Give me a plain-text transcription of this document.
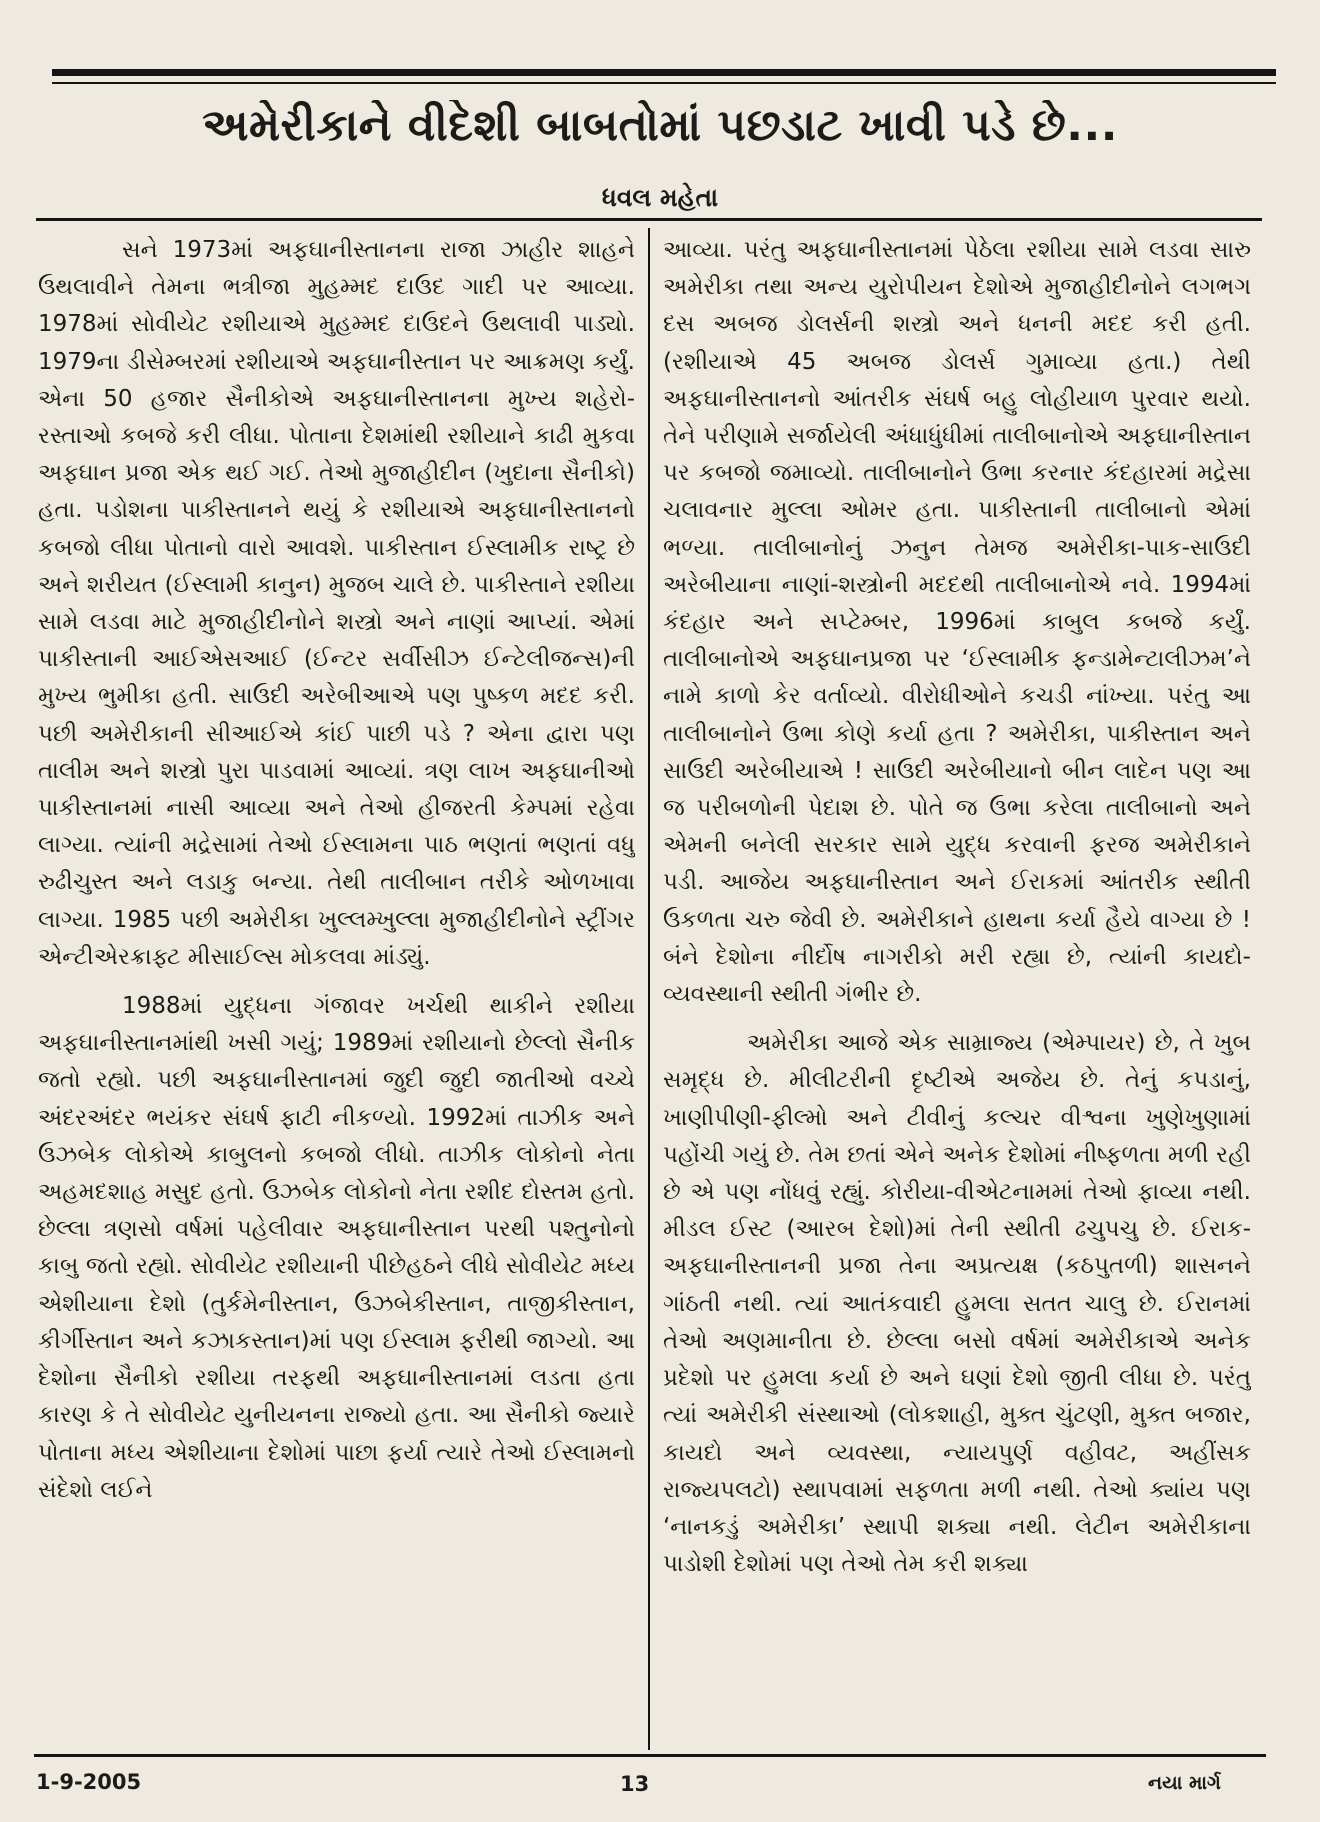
અમેરીકાને વીદેશી બાબતોમાં પછડાટ ખાવી પડે છે...
ધવલ મહેતા

સને 1973માં અફઘાનીસ્તાનના રાજા ઝાહીર શાહને ઉથલાવીને તેમના ભત્રીજા મુહમ્મદ દાઉદ ગાદી પર આવ્યા. 1978માં સોવીયેટ રશીયાએ મુહમ્મદ દાઉદને ઉથલાવી પાડ્યો. 1979ના ડીસેમ્બરમાં રશીયાએ અફઘાનીસ્તાન પર આક્રમણ કર્યું. એના 50 હજાર સૈનીકોએ અફઘાનીસ્તાનના મુખ્ય શહેરો-રસ્તાઓ કબજે કરી લીધા. પોતાના દેશમાંથી રશીયાને કાઢી મુકવા અફઘાન પ્રજા એક થઈ ગઈ. તેઓ મુજાહીદીન (ખુદાના સૈનીકો) હતા. પડોશના પાકીસ્તાનને થયું કે રશીયાએ અફઘાનીસ્તાનનો કબજો લીધા પોતાનો વારો આવશે. પાકીસ્તાન ઈસ્લામીક રાષ્ટ્ર છે અને શરીયત (ઈસ્લામી કાનુન) મુજબ ચાલે છે. પાકીસ્તાને રશીયા સામે લડવા માટે મુજાહીદીનોને શસ્ત્રો અને નાણાં આપ્યાં. એમાં પાકીસ્તાની આઈએસઆઈ (ઈન્ટર સર્વીસીઝ ઈન્ટેલીજન્સ)ની મુખ્ય ભુમીકા હતી. સાઉદી અરેબીઆએ પણ પુષ્કળ મદદ કરી. પછી અમેરીકાની સીઆઈએ કાંઈ પાછી પડે ? એના દ્વારા પણ તાલીમ અને શસ્ત્રો પુરા પાડવામાં આવ્યાં. ત્રણ લાખ અફઘાનીઓ પાકીસ્તાનમાં નાસી આવ્યા અને તેઓ હીજરતી કેમ્પમાં રહેવા લાગ્યા. ત્યાંની મદ્રેસામાં તેઓ ઈસ્લામના પાઠ ભણતાં ભણતાં વધુ રુઢીચુસ્ત અને લડાકુ બન્યા. તેથી તાલીબાન તરીકે ઓળખાવા લાગ્યા. 1985 પછી અમેરીકા ખુલ્લમ્ખુલ્લા મુજાહીદીનોને સ્ટ્રીંગર એન્ટીએરક્રાફ્ટ મીસાઈલ્સ મોકલવા માંડ્યું.

1988માં યુદ્ધના ગંજાવર ખર્ચથી થાકીને રશીયા અફઘાનીસ્તાનમાંથી ખસી ગયું; 1989માં રશીયાનો છેલ્લો સૈનીક જતો રહ્યો. પછી અફઘાનીસ્તાનમાં જુદી જુદી જાતીઓ વચ્ચે અંદરઅંદર ભયંકર સંઘર્ષ ફાટી નીકળ્યો. 1992માં તાઝીક અને ઉઝબેક લોકોએ કાબુલનો કબજો લીધો. તાઝીક લોકોનો નેતા અહમદશાહ મસુદ હતો. ઉઝબેક લોકોનો નેતા રશીદ દોસ્તમ હતો. છેલ્લા ત્રણસો વર્ષમાં પહેલીવાર અફઘાનીસ્તાન પરથી પશ્તુનોનો કાબુ જતો રહ્યો. સોવીયેટ રશીયાની પીછેહઠને લીધે સોવીયેટ મધ્ય એશીયાના દેશો (તુર્કમેનીસ્તાન, ઉઝબેકીસ્તાન, તાજીકીસ્તાન, કીર્ગીસ્તાન અને કઝાકસ્તાન)માં પણ ઈસ્લામ ફરીથી જાગ્યો. આ દેશોના સૈનીકો રશીયા તરફથી અફઘાનીસ્તાનમાં લડતા હતા કારણ કે તે સોવીયેટ યુનીયનના રાજ્યો હતા. આ સૈનીકો જ્યારે પોતાના મધ્ય એશીયાના દેશોમાં પાછા ફર્યા ત્યારે તેઓ ઈસ્લામનો સંદેશો લઈને

આવ્યા. પરંતુ અફઘાનીસ્તાનમાં પેઠેલા રશીયા સામે લડવા સારુ અમેરીકા તથા અન્ય યુરોપીયન દેશોએ મુજાહીદીનોને લગભગ દસ અબજ ડોલર્સની શસ્ત્રો અને ધનની મદદ કરી હતી. (રશીયાએ 45 અબજ ડોલર્સ ગુમાવ્યા હતા.) તેથી અફઘાનીસ્તાનનો આંતરીક સંઘર્ષ બહુ લોહીયાળ પુરવાર થયો. તેને પરીણામે સર્જાયેલી અંધાધુંધીમાં તાલીબાનોએ અફઘાનીસ્તાન પર કબજો જમાવ્યો. તાલીબાનોને ઉભા કરનાર કંદહારમાં મદ્રેસા ચલાવનાર મુલ્લા ઓમર હતા. પાકીસ્તાની તાલીબાનો એમાં ભળ્યા. તાલીબાનોનું ઝનુન તેમજ અમેરીકા-પાક-સાઉદી અરેબીયાના નાણાં-શસ્ત્રોની મદદથી તાલીબાનોએ નવે. 1994માં કંદહાર અને સપ્ટેમ્બર, 1996માં કાબુલ કબજે કર્યું. તાલીબાનોએ અફઘાનપ્રજા પર ‘ઈસ્લામીક ફન્ડામેન્ટાલીઝમ’ને નામે કાળો કેર વર્તાવ્યો. વીરોધીઓને કચડી નાંખ્યા. પરંતુ આ તાલીબાનોને ઉભા કોણે કર્યા હતા ? અમેરીકા, પાકીસ્તાન અને સાઉદી અરેબીયાએ ! સાઉદી અરેબીયાનો બીન લાદેન પણ આ જ પરીબળોની પેદાશ છે. પોતે જ ઉભા કરેલા તાલીબાનો અને એમની બનેલી સરકાર સામે યુદ્ધ કરવાની ફરજ અમેરીકાને પડી. આજેય અફઘાનીસ્તાન અને ઈરાકમાં આંતરીક સ્થીતી ઉકળતા ચરુ જેવી છે. અમેરીકાને હાથના કર્યા હૈયે વાગ્યા છે ! બંને દેશોના નીર્દોષ નાગરીકો મરી રહ્યા છે, ત્યાંની કાયદો-વ્યવસ્થાની સ્થીતી ગંભીર છે.

અમેરીકા આજે એક સામ્રાજ્ય (એમ્પાયર) છે, તે ખુબ સમૃદ્ધ છે. મીલીટરીની દૃષ્ટીએ અજેય છે. તેનું કપડાનું, ખાણીપીણી-ફીલ્મો અને ટીવીનું કલ્ચર વીશ્વના ખુણેખુણામાં પહોંચી ગયું છે. તેમ છતાં એને અનેક દેશોમાં નીષ્ફળતા મળી રહી છે એ પણ નોંધવું રહ્યું. કોરીયા-વીએટનામમાં તેઓ ફાવ્યા નથી. મીડલ ઈસ્ટ (આરબ દેશો)માં તેની સ્થીતી ઢચુપચુ છે. ઈરાક-અફઘાનીસ્તાનની પ્રજા તેના અપ્રત્યક્ષ (કઠપુતળી) શાસનને ગાંઠતી નથી. ત્યાં આતંકવાદી હુમલા સતત ચાલુ છે. ઈરાનમાં તેઓ અણમાનીતા છે. છેલ્લા બસો વર્ષમાં અમેરીકાએ અનેક પ્રદેશો પર હુમલા કર્યા છે અને ઘણાં દેશો જીતી લીધા છે. પરંતુ ત્યાં અમેરીકી સંસ્થાઓ (લોકશાહી, મુક્ત ચુંટણી, મુક્ત બજાર, કાયદો અને વ્યવસ્થા, ન્યાયપુર્ણ વહીવટ, અહીંસક રાજ્યપલટો) સ્થાપવામાં સફળતા મળી નથી. તેઓ ક્યાંય પણ ‘નાનકડું અમેરીકા’ સ્થાપી શક્યા નથી. લેટીન અમેરીકાના પાડોશી દેશોમાં પણ તેઓ તેમ કરી શક્યા

1-9-2005	13	નયા માર્ગ
